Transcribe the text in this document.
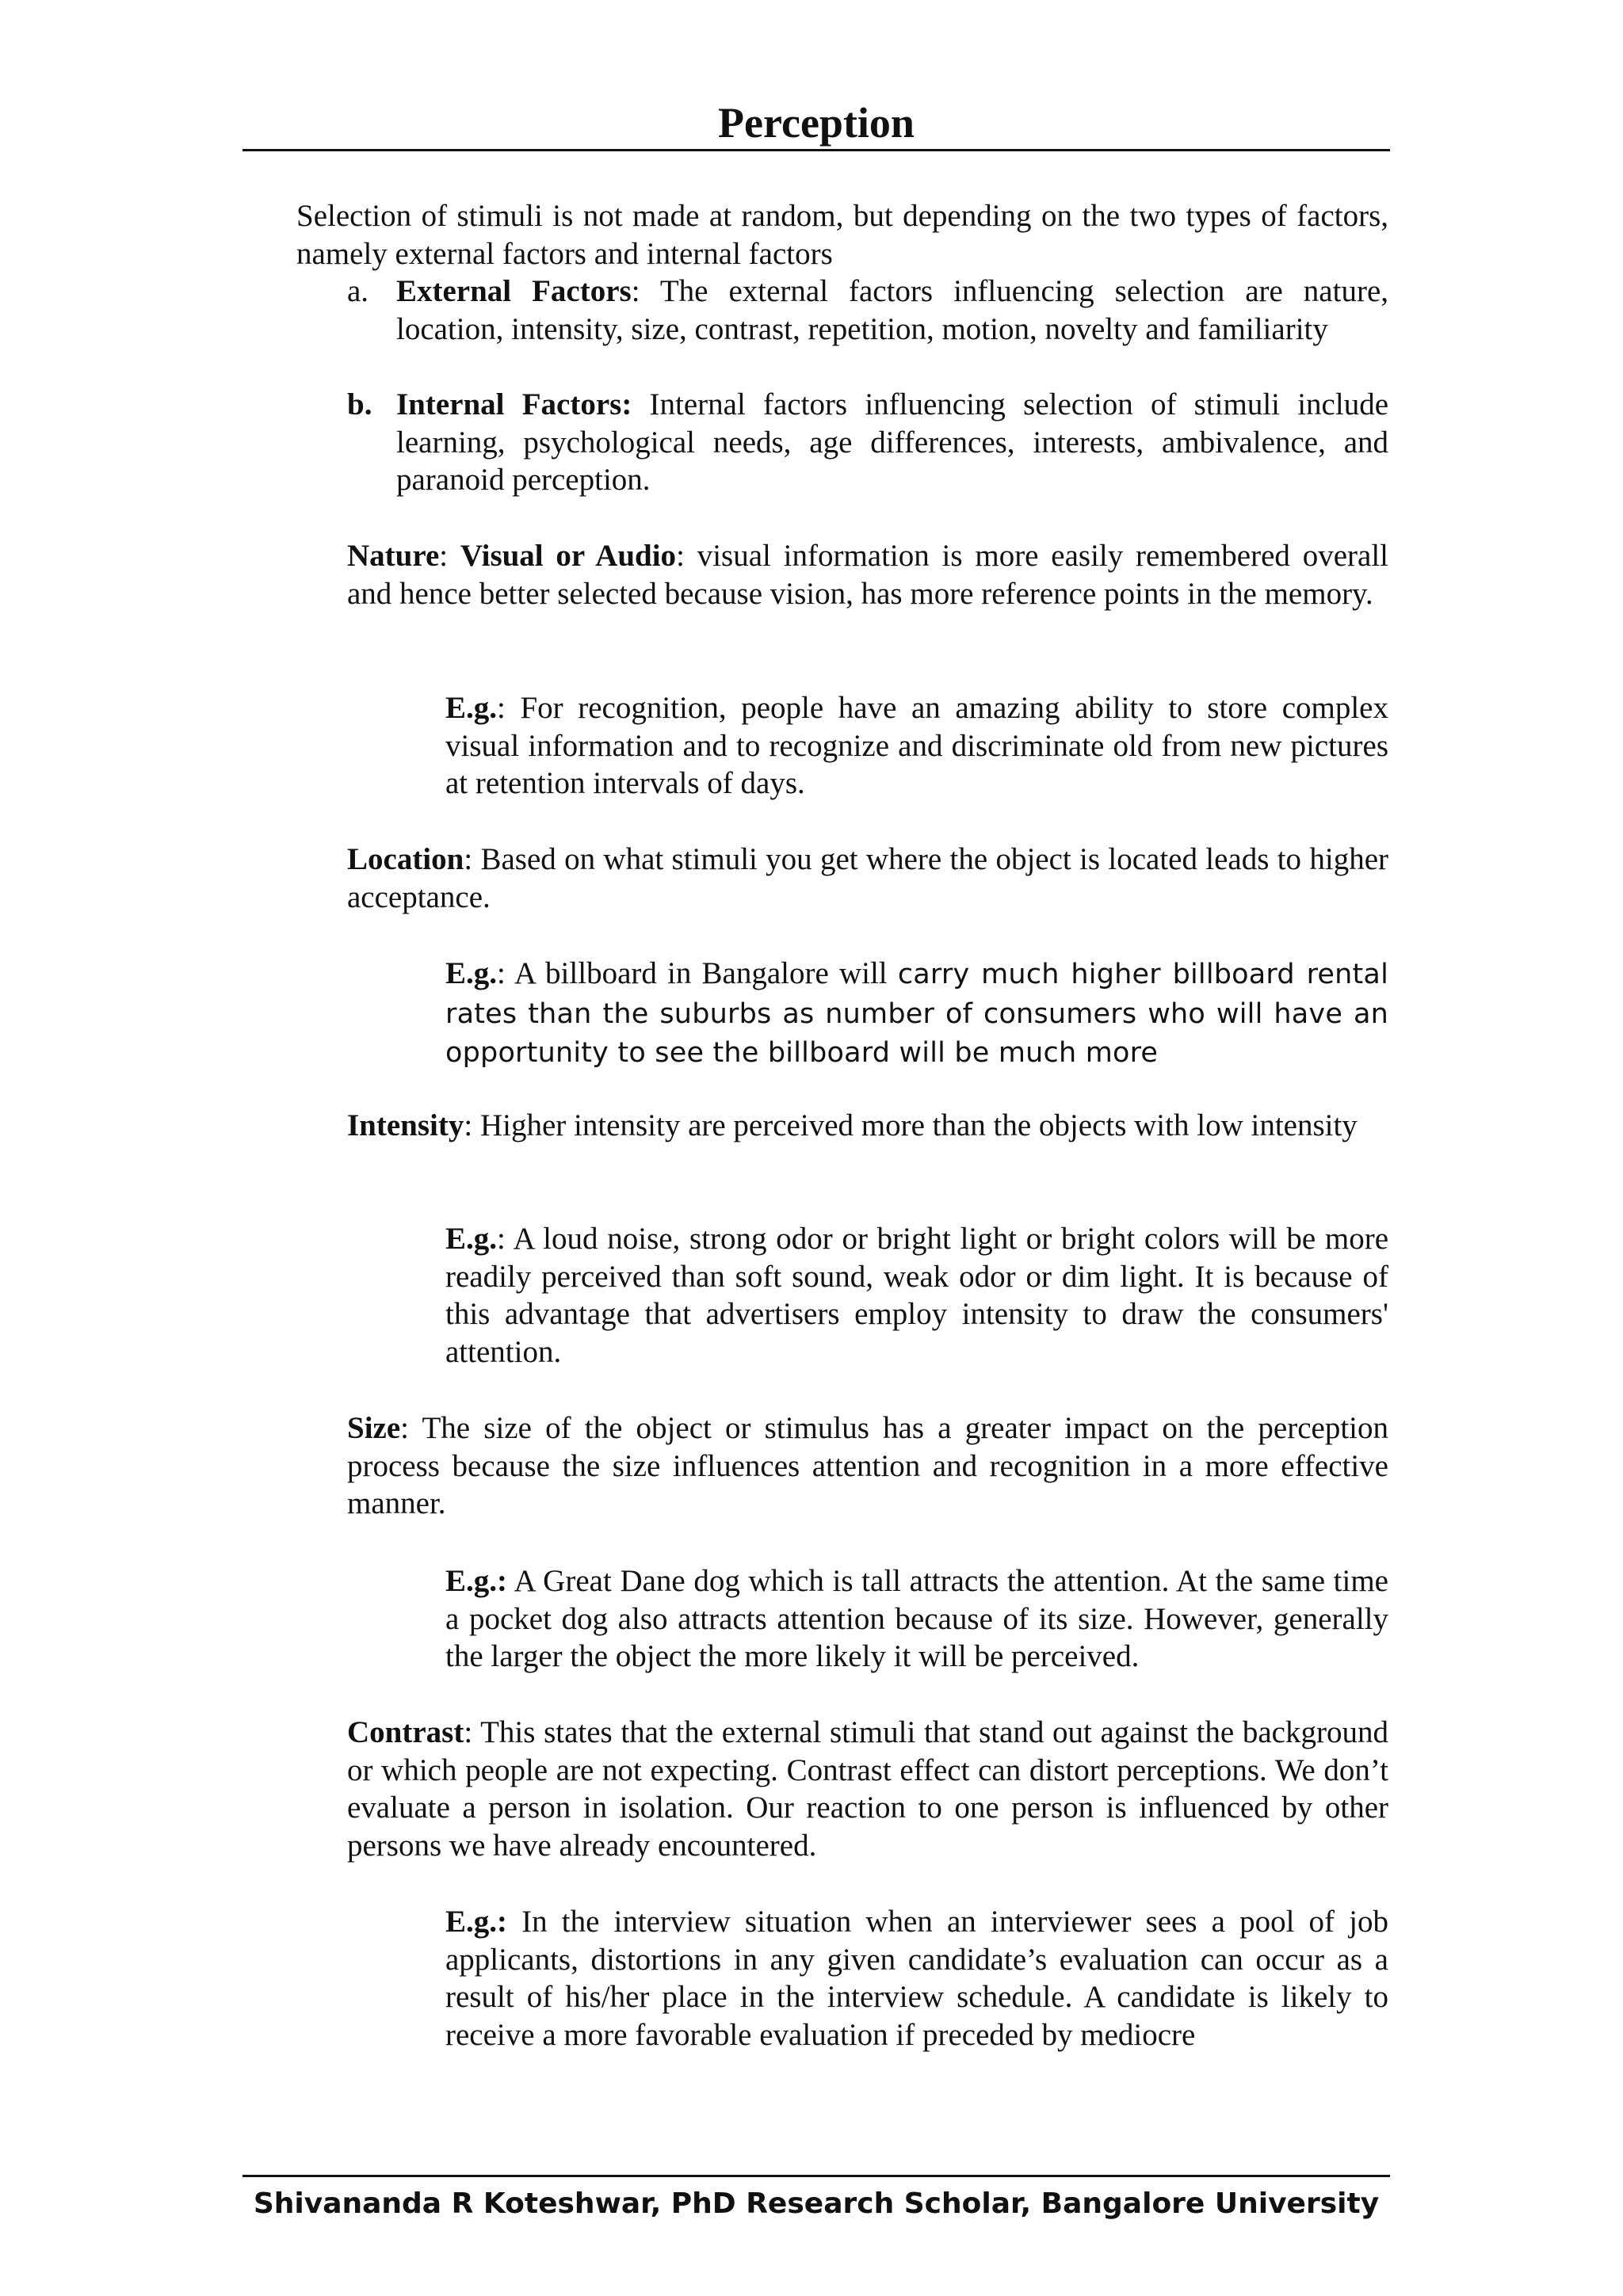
Perception

Selection of stimuli is not made at random, but depending on the two types of factors, namely external factors and internal factors

a. External Factors: The external factors influencing selection are nature, location, intensity, size, contrast, repetition, motion, novelty and familiarity

b. Internal Factors: Internal factors influencing selection of stimuli include learning, psychological needs, age differences, interests, ambivalence, and paranoid perception.

Nature: Visual or Audio: visual information is more easily remembered overall and hence better selected because vision, has more reference points in the memory.

E.g.: For recognition, people have an amazing ability to store complex visual information and to recognize and discriminate old from new pictures at retention intervals of days.

Location: Based on what stimuli you get where the object is located leads to higher acceptance.

E.g.: A billboard in Bangalore will carry much higher billboard rental rates than the suburbs as number of consumers who will have an opportunity to see the billboard will be much more

Intensity: Higher intensity are perceived more than the objects with low intensity

E.g.: A loud noise, strong odor or bright light or bright colors will be more readily perceived than soft sound, weak odor or dim light. It is because of this advantage that advertisers employ intensity to draw the consumers' attention.

Size: The size of the object or stimulus has a greater impact on the perception process because the size influences attention and recognition in a more effective manner.

E.g.: A Great Dane dog which is tall attracts the attention. At the same time a pocket dog also attracts attention because of its size. However, generally the larger the object the more likely it will be perceived.

Contrast: This states that the external stimuli that stand out against the background or which people are not expecting. Contrast effect can distort perceptions. We don’t evaluate a person in isolation. Our reaction to one person is influenced by other persons we have already encountered.

E.g.: In the interview situation when an interviewer sees a pool of job applicants, distortions in any given candidate’s evaluation can occur as a result of his/her place in the interview schedule. A candidate is likely to receive a more favorable evaluation if preceded by mediocre

Shivananda R Koteshwar, PhD Research Scholar, Bangalore University
